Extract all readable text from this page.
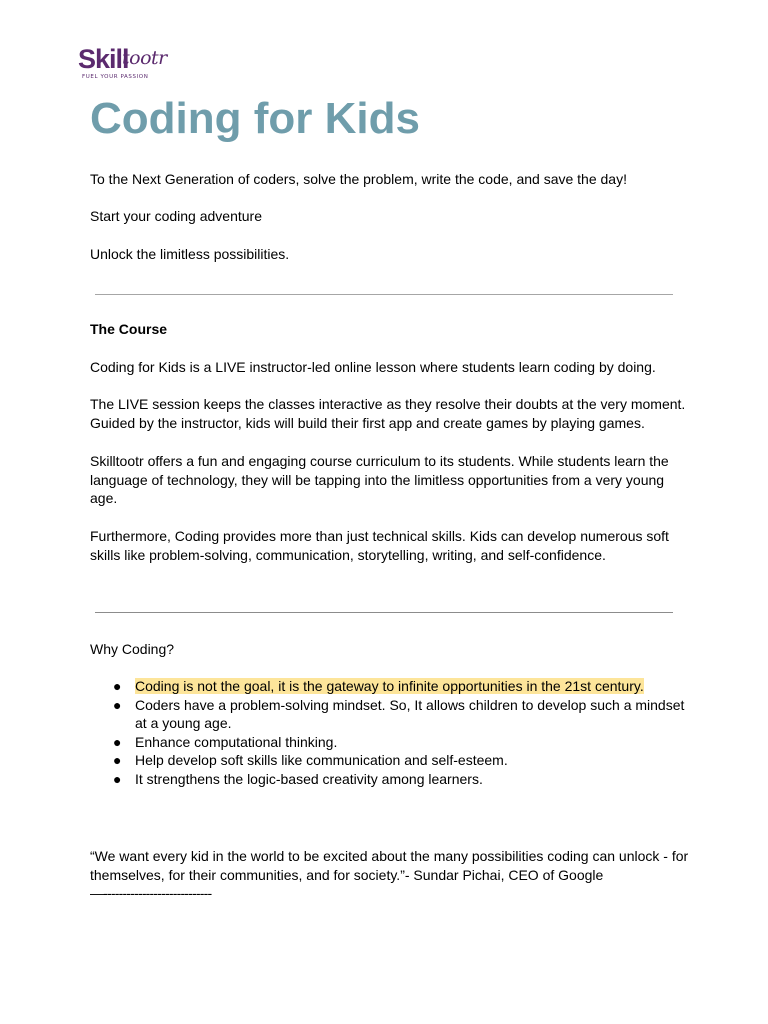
Skill
tootr
FUEL YOUR PASSION
Coding for Kids

To the Next Generation of coders, solve the problem, write the code, and save the day!

Start your coding adventure

Unlock the limitless possibilities.

The Course

Coding for Kids is a LIVE instructor-led online lesson where students learn coding by doing.

The LIVE session keeps the classes interactive as they resolve their doubts at the very moment. Guided by the instructor, kids will build their first app and create games by playing games.

Skilltootr offers a fun and engaging course curriculum to its students. While students learn the language of technology, they will be tapping into the limitless opportunities from a very young age.

Furthermore, Coding provides more than just technical skills. Kids can develop numerous soft skills like problem-solving, communication, storytelling, writing, and self-confidence.

Why Coding?

● Coding is not the goal, it is the gateway to infinite opportunities in the 21st century.
● Coders have a problem-solving mindset. So, It allows children to develop such a mindset at a young age.
● Enhance computational thinking.
● Help develop soft skills like communication and self-esteem.
● It strengthens the logic-based creativity among learners.

“We want every kid in the world to be excited about the many possibilities coding can unlock - for themselves, for their communities, and for society.”- Sundar Pichai, CEO of Google

—----------------------------
